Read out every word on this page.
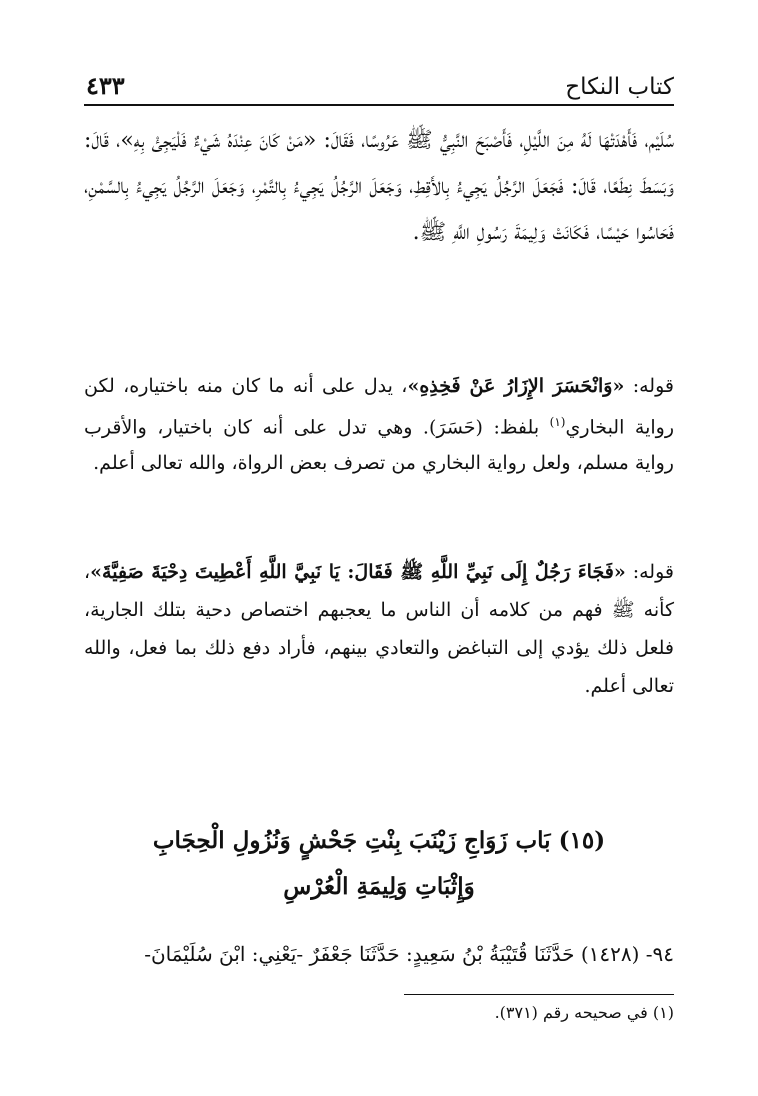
كتاب النكاح
٤٣٣
سُلَيْم، فَأَهْدَتْهَا لَهُ مِنَ اللَّيْلِ، فَأَصْبَحَ النَّبِيُّ ﷺ عَرُوسًا، فَقَالَ: «مَنْ كَانَ عِنْدَهُ شَيْءٌ فَلْيَجِئْ بِهِ»، قَالَ: وَبَسَطَ نِطَعًا، قَالَ: فَجَعَلَ الرَّجُلُ يَجِيءُ بِالأَقِطِ، وَجَعَلَ الرَّجُلُ يَجِيءُ بِالتَّمْرِ، وَجَعَلَ الرَّجُلُ يَجِيءُ بِالسَّمْنِ، فَحَاسُوا حَيْسًا، فَكَانَتْ وَلِيمَةَ رَسُولِ اللَّهِ ﷺ.
قوله: «وَانْحَسَرَ الإِزَارُ عَنْ فَخِذِهِ»، يدل على أنه ما كان منه باختياره، لكن رواية البخاري$^{(١)}$ بلفظ: (حَسَرَ). وهي تدل على أنه كان باختيار، والأقرب رواية مسلم، ولعل رواية البخاري من تصرف بعض الرواة، والله تعالى أعلم.
قوله: «فَجَاءَ رَجُلٌ إِلَى نَبِيِّ اللَّهِ ﷺ فَقَالَ: يَا نَبِيَّ اللَّهِ أَعْطِيتَ دِحْيَةَ صَفِيَّةَ»، كأنه ﷺ فهم من كلامه أن الناس ما يعجبهم اختصاص دحية بتلك الجارية، فلعل ذلك يؤدي إلى التباغض والتعادي بينهم، فأراد دفع ذلك بما فعل، والله تعالى أعلم.
(١٥) بَاب زَوَاجِ زَيْنَبَ بِنْتِ جَحْشٍ وَنُزُولِ الْحِجَابِ
وَإِثْبَاتِ وَلِيمَةِ الْعُرْسِ
٩٤- (١٤٢٨) حَدَّثَنَا قُتَيْبَةُ بْنُ سَعِيدٍ: حَدَّثَنَا جَعْفَرٌ -يَعْنِي: ابْنَ سُلَيْمَانَ-
(١) في صحيحه رقم (٣٧١).
